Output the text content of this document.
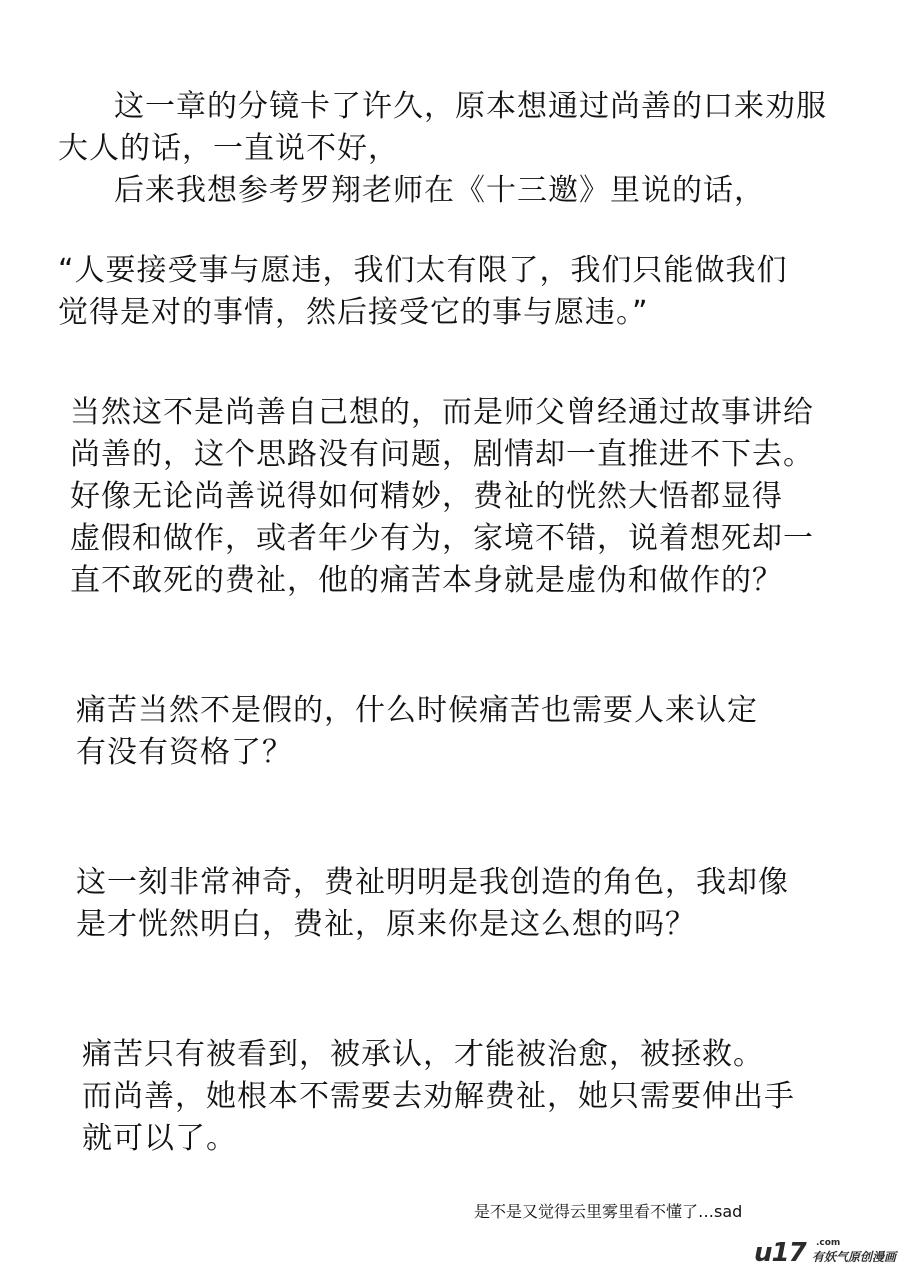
这一章的分镜卡了许久，原本想通过尚善的口来劝服
大人的话，一直说不好，
后来我想参考罗翔老师在《十三邀》里说的话，

“人要接受事与愿违，我们太有限了，我们只能做我们
觉得是对的事情，然后接受它的事与愿违。”

当然这不是尚善自己想的，而是师父曾经通过故事讲给
尚善的，这个思路没有问题，剧情却一直推进不下去。
好像无论尚善说得如何精妙，费祉的恍然大悟都显得
虚假和做作，或者年少有为，家境不错，说着想死却一
直不敢死的费祉，他的痛苦本身就是虚伪和做作的？

痛苦当然不是假的，什么时候痛苦也需要人来认定
有没有资格了？

这一刻非常神奇，费祉明明是我创造的角色，我却像
是才恍然明白，费祉，原来你是这么想的吗？

痛苦只有被看到，被承认，才能被治愈，被拯救。
而尚善，她根本不需要去劝解费祉，她只需要伸出手
就可以了。

是不是又觉得云里雾里看不懂了…sad
u17 .com
有妖气原创漫画
